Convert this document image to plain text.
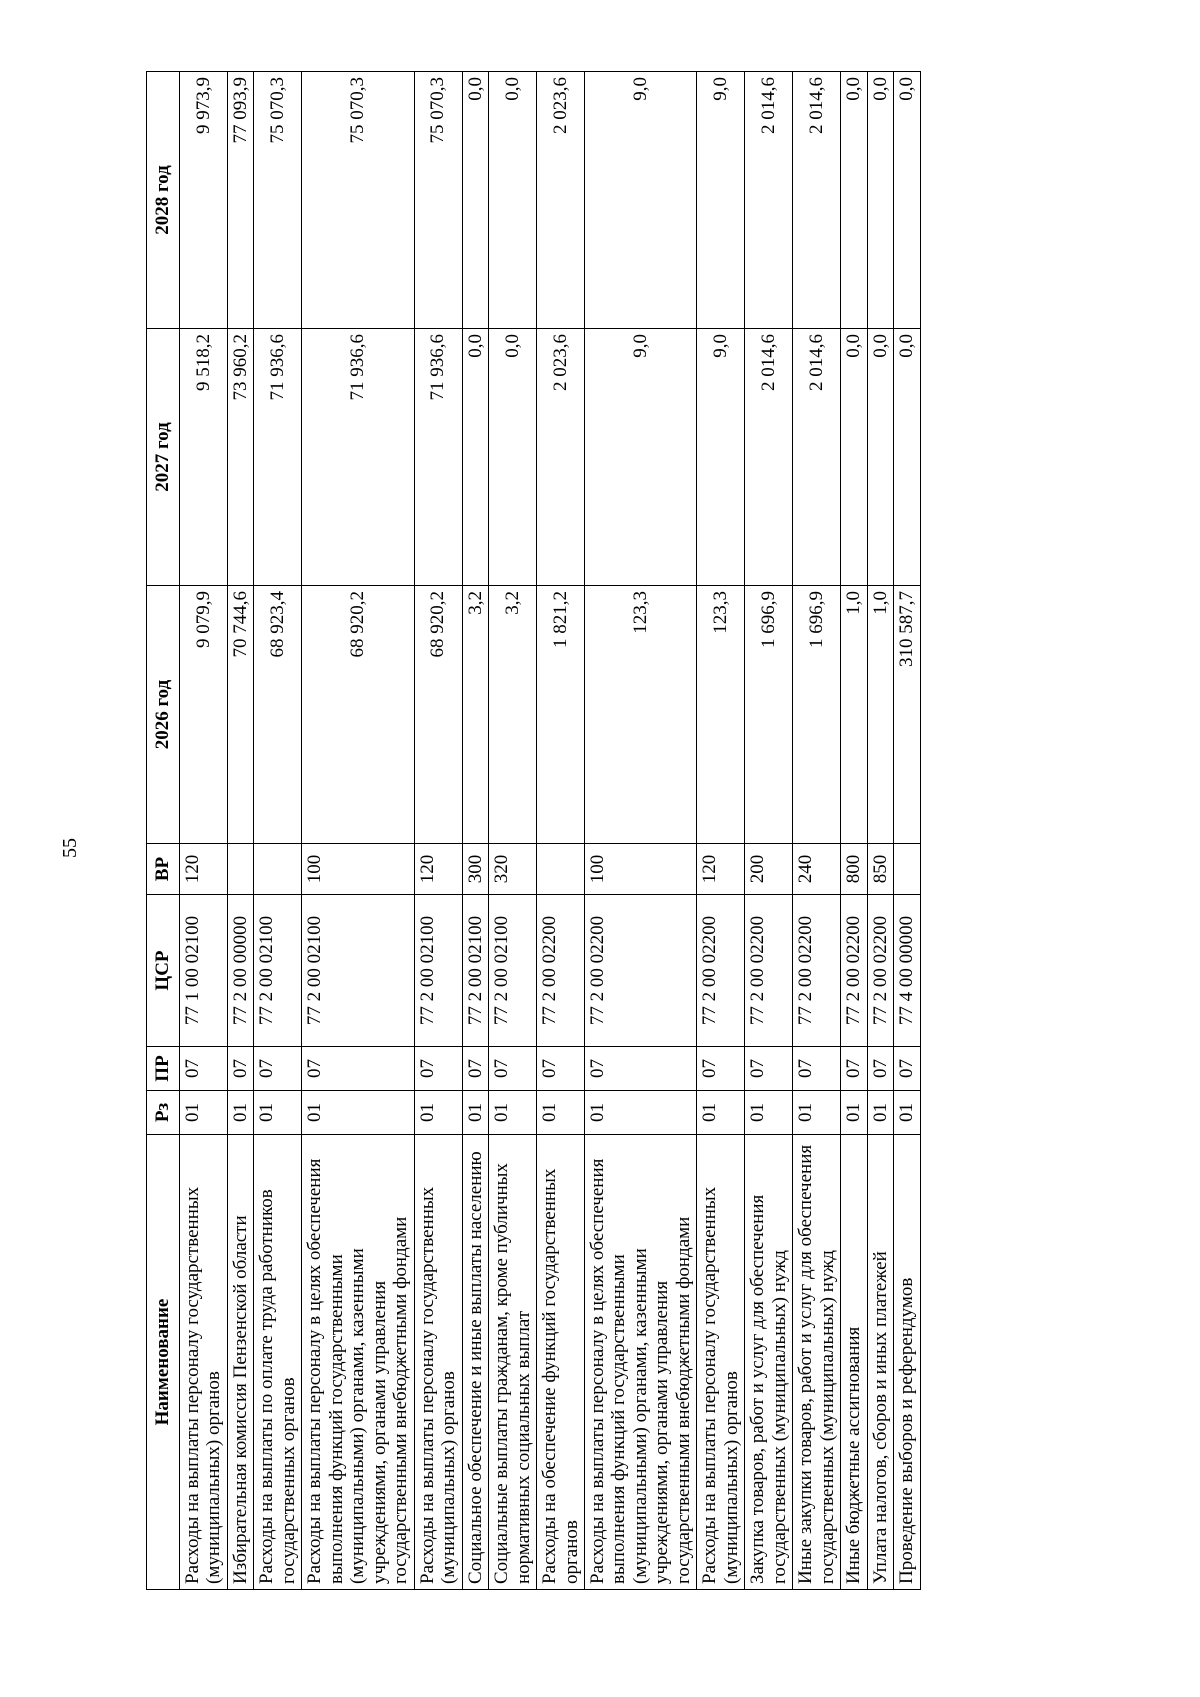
55
Наименование	Рз	ПР	ЦСР	ВР	2026 год	2027 год	2028 год
Расходы на выплаты персоналу государственных (муниципальных) органов	01	07	77 1 00 02100	120	9 079,9	9 518,2	9 973,9
Избирательная комиссия Пензенской области	01	07	77 2 00 00000		70 744,6	73 960,2	77 093,9
Расходы на выплаты по оплате труда работников государственных органов	01	07	77 2 00 02100		68 923,4	71 936,6	75 070,3
Расходы на выплаты персоналу в целях обеспечения выполнения функций государственными (муниципальными) органами, казенными учреждениями, органами управления государственными внебюджетными фондами	01	07	77 2 00 02100	100	68 920,2	71 936,6	75 070,3
Расходы на выплаты персоналу государственных (муниципальных) органов	01	07	77 2 00 02100	120	68 920,2	71 936,6	75 070,3
Социальное обеспечение и иные выплаты населению	01	07	77 2 00 02100	300	3,2	0,0	0,0
Социальные выплаты гражданам, кроме публичных нормативных социальных выплат	01	07	77 2 00 02100	320	3,2	0,0	0,0
Расходы на обеспечение функций государственных органов	01	07	77 2 00 02200		1 821,2	2 023,6	2 023,6
Расходы на выплаты персоналу в целях обеспечения выполнения функций государственными (муниципальными) органами, казенными учреждениями, органами управления государственными внебюджетными фондами	01	07	77 2 00 02200	100	123,3	9,0	9,0
Расходы на выплаты персоналу государственных (муниципальных) органов	01	07	77 2 00 02200	120	123,3	9,0	9,0
Закупка товаров, работ и услуг для обеспечения государственных (муниципальных) нужд	01	07	77 2 00 02200	200	1 696,9	2 014,6	2 014,6
Иные закупки товаров, работ и услуг для обеспечения государственных (муниципальных) нужд	01	07	77 2 00 02200	240	1 696,9	2 014,6	2 014,6
Иные бюджетные ассигнования	01	07	77 2 00 02200	800	1,0	0,0	0,0
Уплата налогов, сборов и иных платежей	01	07	77 2 00 02200	850	1,0	0,0	0,0
Проведение выборов и референдумов	01	07	77 4 00 00000		310 587,7	0,0	0,0
